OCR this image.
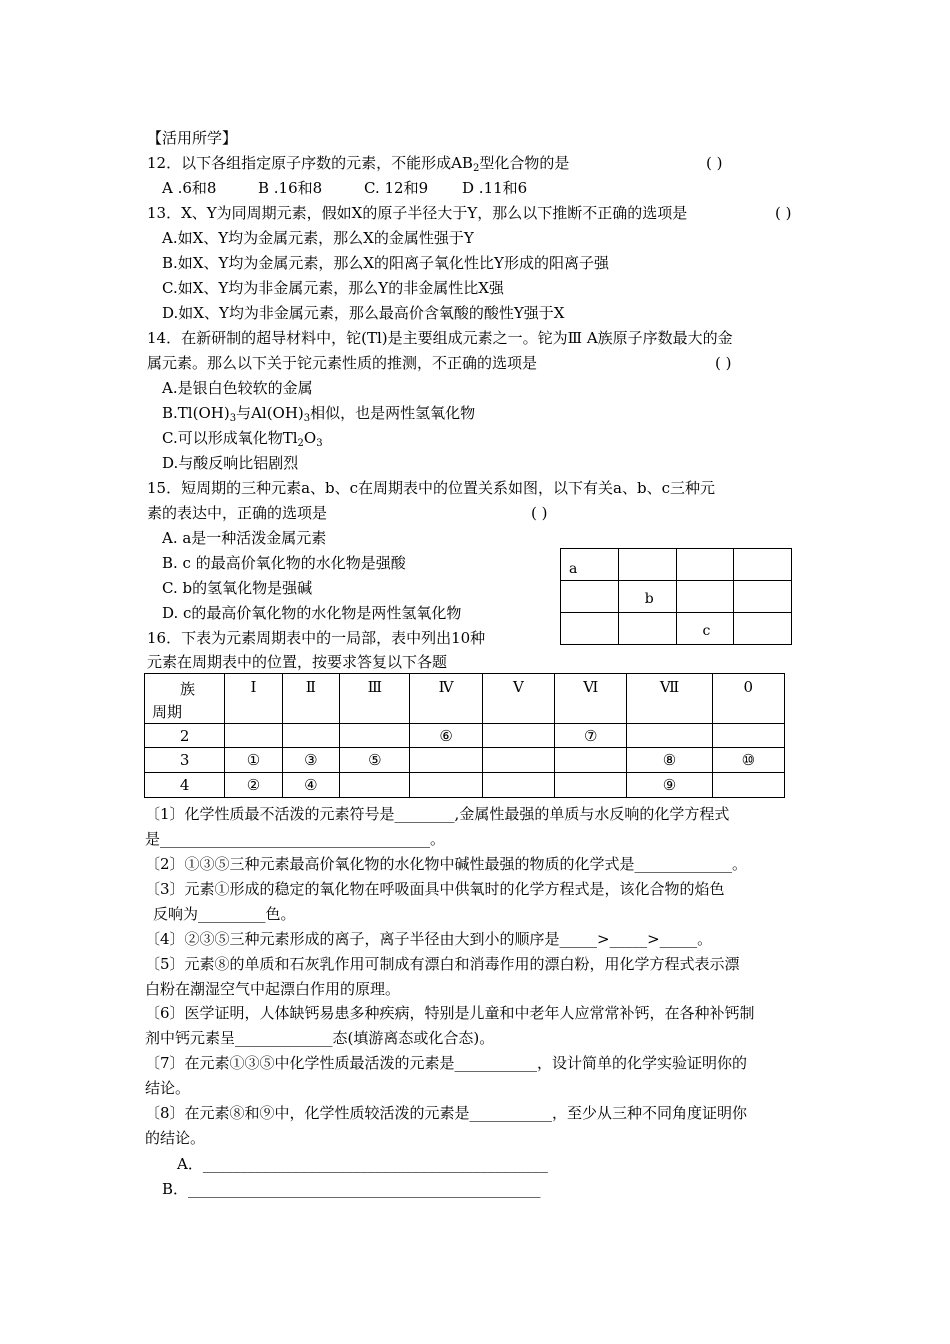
【活用所学】
12．以下各组指定原子序数的元素，不能形成$AB_2$型化合物的是	( )
A .6和8	B .16和8	C. 12和9 D .11和6
13．X、Y为同周期元素，假如X的原子半径大于Y，那么以下推断不正确的选项是	( )
A.如X、Y均为金属元素，那么X的金属性强于Y
B.如X、Y均为金属元素，那么X的阳离子氧化性比Y形成的阳离子强
C.如X、Y均为非金属元素，那么Y的非金属性比X强
D.如X、Y均为非金属元素，那么最高价含氧酸的酸性Y强于X
14．在新研制的超导材料中，铊(Tl)是主要组成元素之一。铊为Ⅲ A族原子序数最大的金
属元素。那么以下关于铊元素性质的推测，不正确的选项是	( )
A.是银白色较软的金属
$B.Tl(OH)_3$与$Al(OH)_3$相似，也是两性氢氧化物
C.可以形成氧化物$Tl_2O_3$
D.与酸反响比铝剧烈
15．短周期的三种元素a、b、c在周期表中的位置关系如图，以下有关a、b、c三种元
素的表达中，正确的选项是	( )
A. a是一种活泼金属元素
B. c 的最高价氧化物的水化物是强酸
C. b的氢氧化物是强碱
D. c的最高价氧化物的水化物是两性氢氧化物
a			

	b		

		c	

16．下表为元素周期表中的一局部，表中列出10种
元素在周期表中的位置，按要求答复以下各题
族
周期	Ⅰ	Ⅱ	Ⅲ	Ⅳ	Ⅴ	Ⅵ	Ⅶ	0
2				⑥		⑦		
3	①	③	⑤				⑧	⑩
4	②	④					⑨	
〔1〕化学性质最不活泼的元素符号是________,金属性最强的单质与水反响的化学方程式
是____________________________________。
〔2〕①③⑤三种元素最高价氧化物的水化物中碱性最强的物质的化学式是_____________。
〔3〕元素①形成的稳定的氧化物在呼吸面具中供氧时的化学方程式是，该化合物的焰色
反响为_________色。
〔4〕②③⑤三种元素形成的离子，离子半径由大到小的顺序是_____>_____>_____。
〔5〕元素⑧的单质和石灰乳作用可制成有漂白和消毒作用的漂白粉，用化学方程式表示漂
白粉在潮湿空气中起漂白作用的原理。
〔6〕医学证明，人体缺钙易患多种疾病，特别是儿童和中老年人应常常补钙，在各种补钙制
剂中钙元素呈_____________态(填游离态或化合态)。
〔7〕在元素①③⑤中化学性质最活泼的元素是___________，设计简单的化学实验证明你的
结论。
〔8〕在元素⑧和⑨中，化学性质较活泼的元素是___________，至少从三种不同角度证明你
的结论。
A．______________________________________________
B．_______________________________________________
